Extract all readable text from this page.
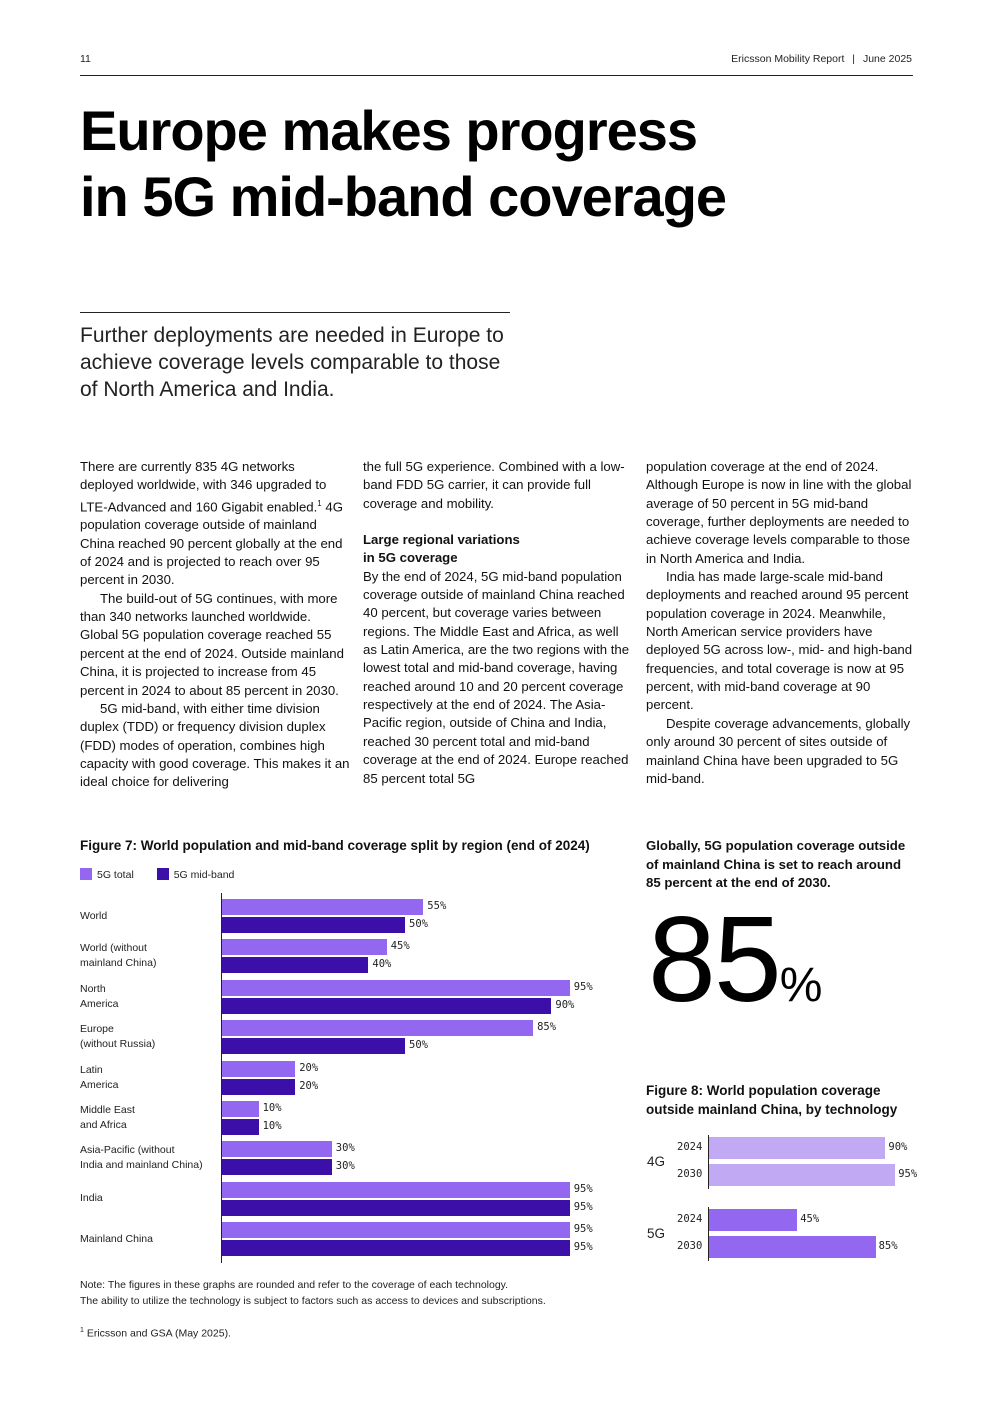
11	Ericsson Mobility Report | June 2025
Europe makes progress
in 5G mid-band coverage

Further deployments are needed in Europe to achieve coverage levels comparable to those of North America and India.

There are currently 835 4G networks deployed worldwide, with 346 upgraded to LTE-Advanced and 160 Gigabit enabled.$^1$ 4G population coverage outside of mainland China reached 90 percent globally at the end of 2024 and is projected to reach over 95 percent in 2030.

The build-out of 5G continues, with more than 340 networks launched worldwide. Global 5G population coverage reached 55 percent at the end of 2024. Outside mainland China, it is projected to increase from 45 percent in 2024 to about 85 percent in 2030.

5G mid-band, with either time division duplex (TDD) or frequency division duplex (FDD) modes of operation, combines high capacity with good coverage. This makes it an ideal choice for delivering

the full 5G experience. Combined with a low-band FDD 5G carrier, it can provide full coverage and mobility.

Large regional variations in 5G coverage

By the end of 2024, 5G mid-band population coverage outside of mainland China reached 40 percent, but coverage varies between regions. The Middle East and Africa, as well as Latin America, are the two regions with the lowest total and mid-band coverage, having reached around 10 and 20 percent coverage respectively at the end of 2024. The Asia-Pacific region, outside of China and India, reached 30 percent total and mid-band coverage at the end of 2024. Europe reached 85 percent total 5G

population coverage at the end of 2024. Although Europe is now in line with the global average of 50 percent in 5G mid-band coverage, further deployments are needed to achieve coverage levels comparable to those in North America and India.

India has made large-scale mid-band deployments and reached around 95 percent population coverage in 2024. Meanwhile, North American service providers have deployed 5G across low-, mid- and high-band frequencies, and total coverage is now at 95 percent, with mid-band coverage at 90 percent.

Despite coverage advancements, globally only around 30 percent of sites outside of mainland China have been upgraded to 5G mid-band.

Figure 7: World population and mid-band coverage split by region (end of 2024)
5G total	5G mid-band
World
55%
50%
World (without
mainland China)
45%
40%
North
America
95%
90%
Europe
(without Russia)
85%
50%
Latin
America
20%
20%
Middle East
and Africa
10%
10%
Asia-Pacific (without
India and mainland China)
30%
30%
India
95%
95%
Mainland China
95%
95%
Globally, 5G population coverage outside of mainland China is set to reach around 85 percent at the end of 2030.
85%
Figure 8: World population coverage outside mainland China, by technology
4G
2024	90%
2030	95%
5G
2024	45%
2030	85%
Note: The figures in these graphs are rounded and refer to the coverage of each technology.
The ability to utilize the technology is subject to factors such as access to devices and subscriptions.
$^1$ Ericsson and GSA (May 2025).
